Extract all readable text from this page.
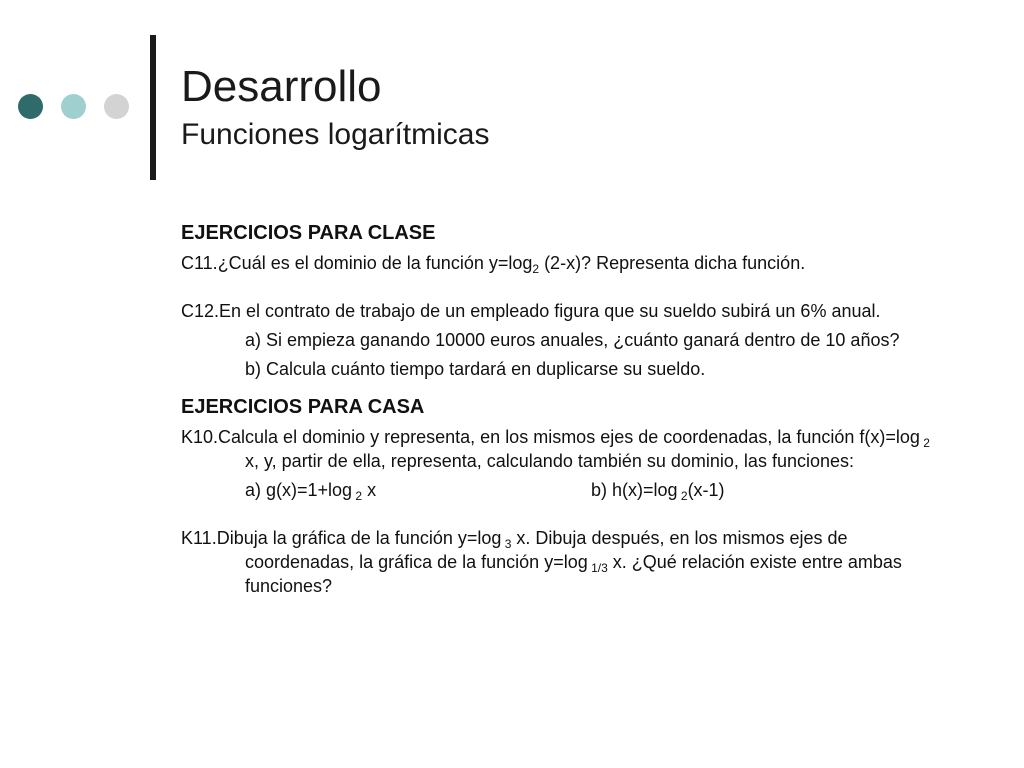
Desarrollo
Funciones logarítmicas
EJERCICIOS PARA CLASE

C11.¿Cuál es el dominio de la función $y=\log_2$ (2-x)? Representa dicha función.

C12.En el contrato de trabajo de un empleado figura que su sueldo subirá un 6% anual.

a) Si empieza ganando 10000 euros anuales, ¿cuánto ganará dentro de 10 años?

b) Calcula cuánto tiempo tardará en duplicarse su sueldo.

EJERCICIOS PARA CASA

K10.Calcula el dominio y representa, en los mismos ejes de coordenadas, la función f(x)=log $_2$ x, y, partir de ella, representa, calculando también su dominio, las funciones:

a) g(x)=1+log $_2$ x	b) h(x)=log $_2$(x-1)

K11.Dibuja la gráfica de la función y=log $_3$ x. Dibuja después, en los mismos ejes de coordenadas, la gráfica de la función y=log $_{1/3}$ x. ¿Qué relación existe entre ambas funciones?
